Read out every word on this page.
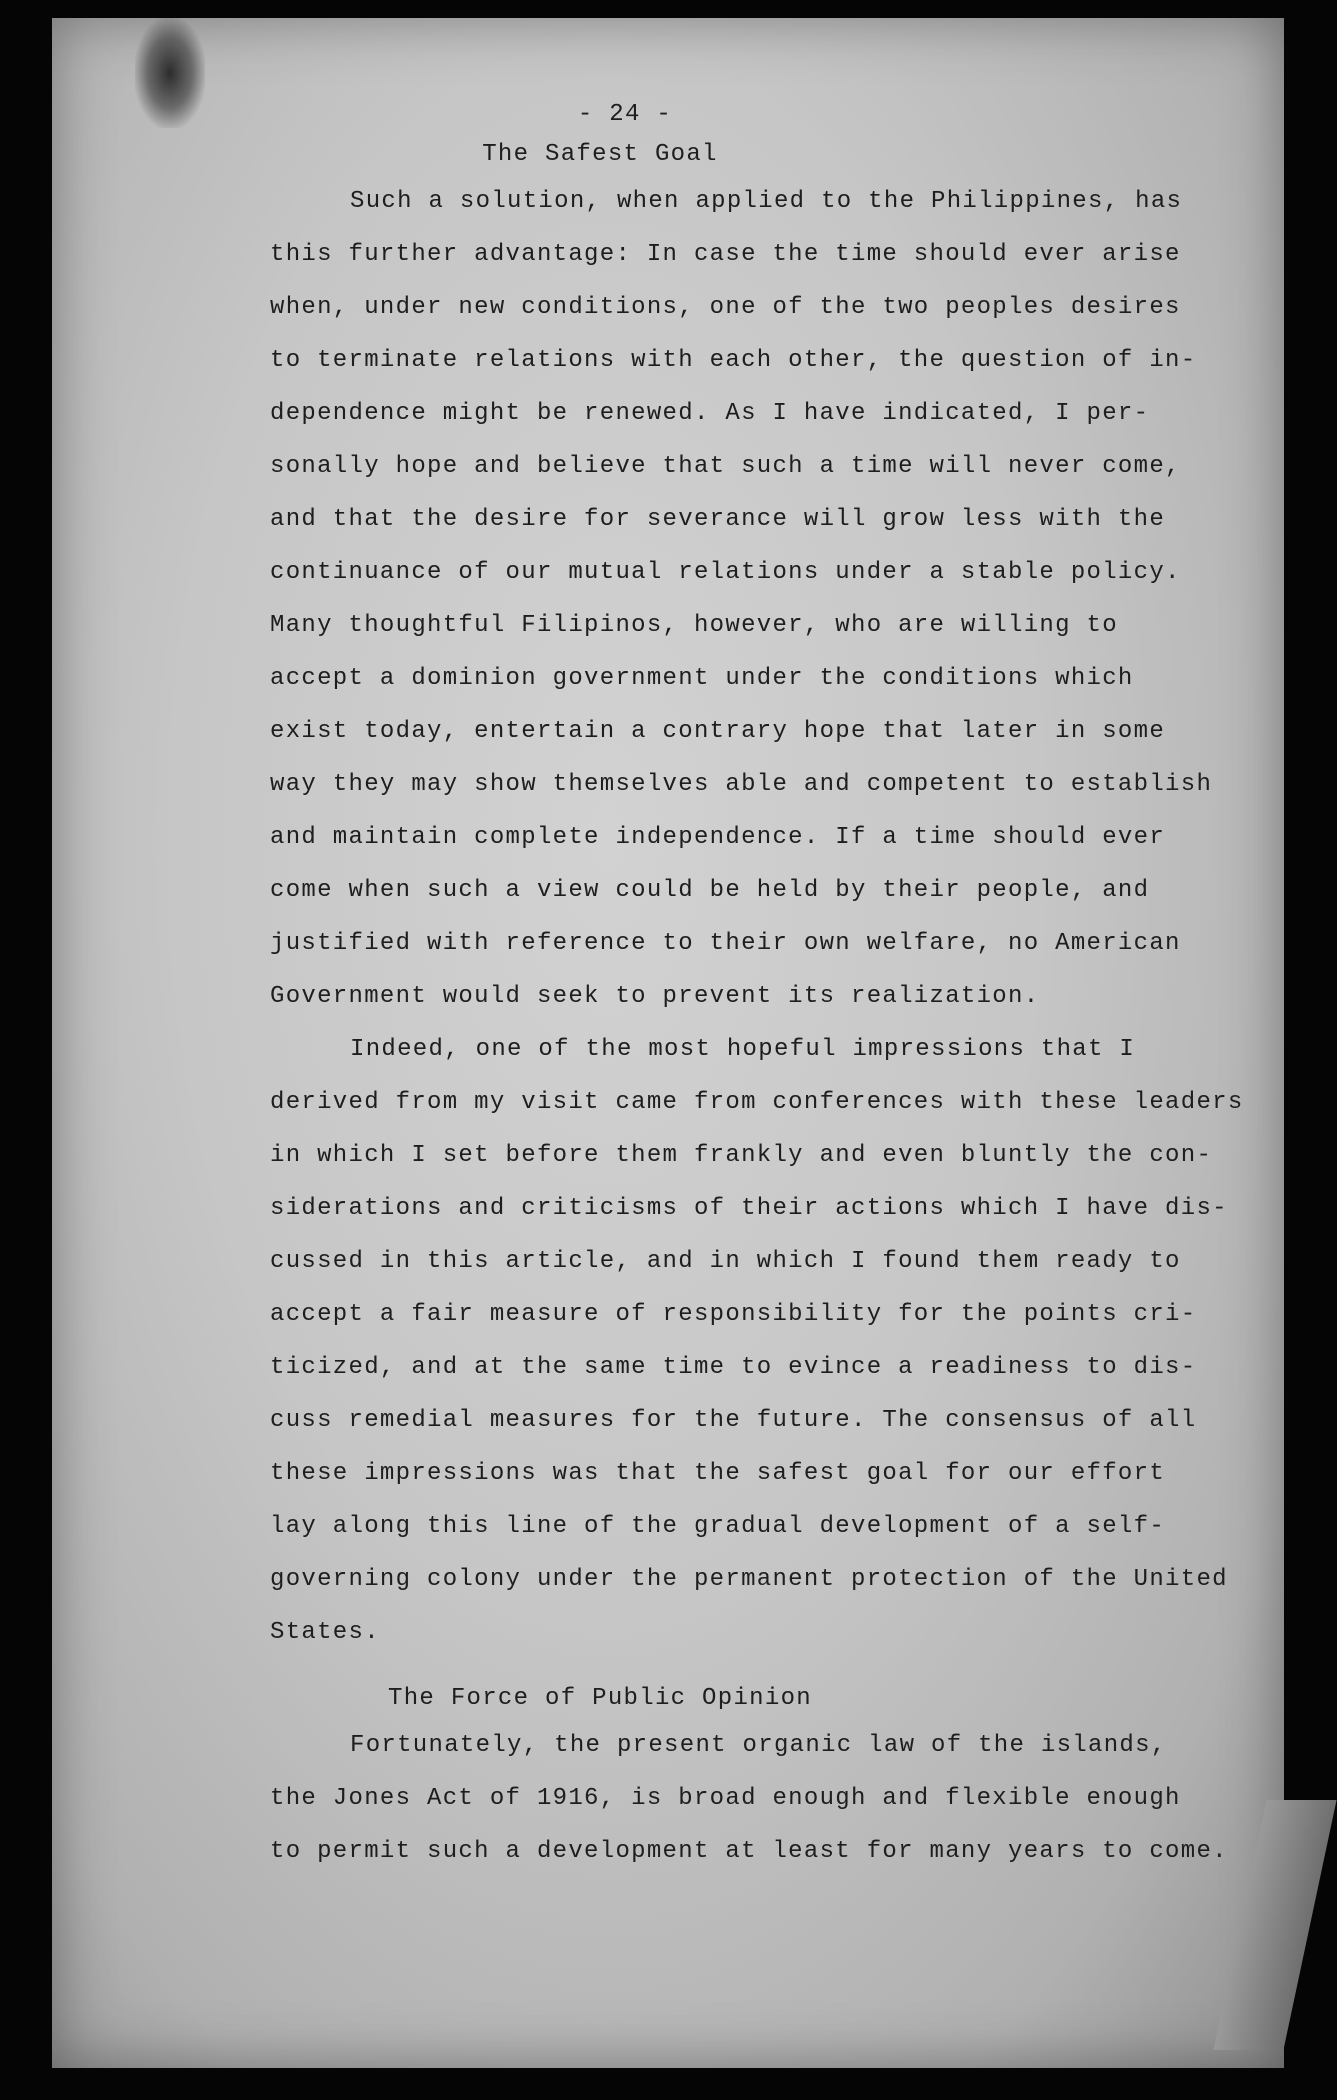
- 24 -
The Safest Goal
Such a solution, when applied to the Philippines, has
this further advantage: In case the time should ever arise
when, under new conditions, one of the two peoples desires
to terminate relations with each other, the question of in-
dependence might be renewed. As I have indicated, I per-
sonally hope and believe that such a time will never come,
and that the desire for severance will grow less with the
continuance of our mutual relations under a stable policy.
Many thoughtful Filipinos, however, who are willing to
accept a dominion government under the conditions which
exist today, entertain a contrary hope that later in some
way they may show themselves able and competent to establish
and maintain complete independence. If a time should ever
come when such a view could be held by their people, and
justified with reference to their own welfare, no American
Government would seek to prevent its realization.
Indeed, one of the most hopeful impressions that I
derived from my visit came from conferences with these leaders
in which I set before them frankly and even bluntly the con-
siderations and criticisms of their actions which I have dis-
cussed in this article, and in which I found them ready to
accept a fair measure of responsibility for the points cri-
ticized, and at the same time to evince a readiness to dis-
cuss remedial measures for the future. The consensus of all
these impressions was that the safest goal for our effort
lay along this line of the gradual development of a self-
governing colony under the permanent protection of the United
States.
The Force of Public Opinion
Fortunately, the present organic law of the islands,
the Jones Act of 1916, is broad enough and flexible enough
to permit such a development at least for many years to come.
